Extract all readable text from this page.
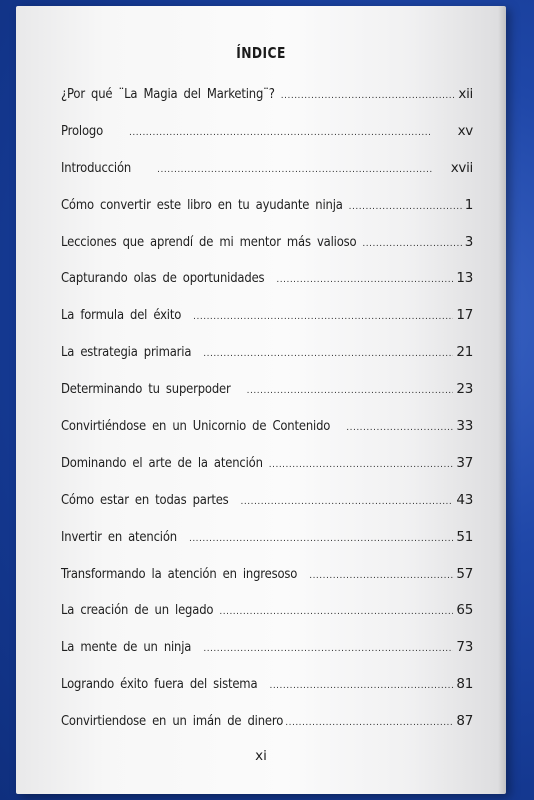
ÍNDICE
¿Por qué ¨La Magia del Marketing¨? .....	xii
Prologo .....	xv
Introducción .....	xvii
Cómo convertir este libro en tu ayudante ninja .....	1
Lecciones que aprendí de mi mentor más valioso .....	3
Capturando olas de oportunidades .....	13
La formula del éxito .....	17
La estrategia primaria .....	21
Determinando tu superpoder .....	23
Convirtiéndose en un Unicornio de Contenido .....	33
Dominando el arte de la atención .....	37
Cómo estar en todas partes .....	43
Invertir en atención .....	51
Transformando la atención en ingresoso .....	57
La creación de un legado .....	65
La mente de un ninja .....	73
Logrando éxito fuera del sistema .....	81
Convirtiendose en un imán de dinero .....	87
xi
